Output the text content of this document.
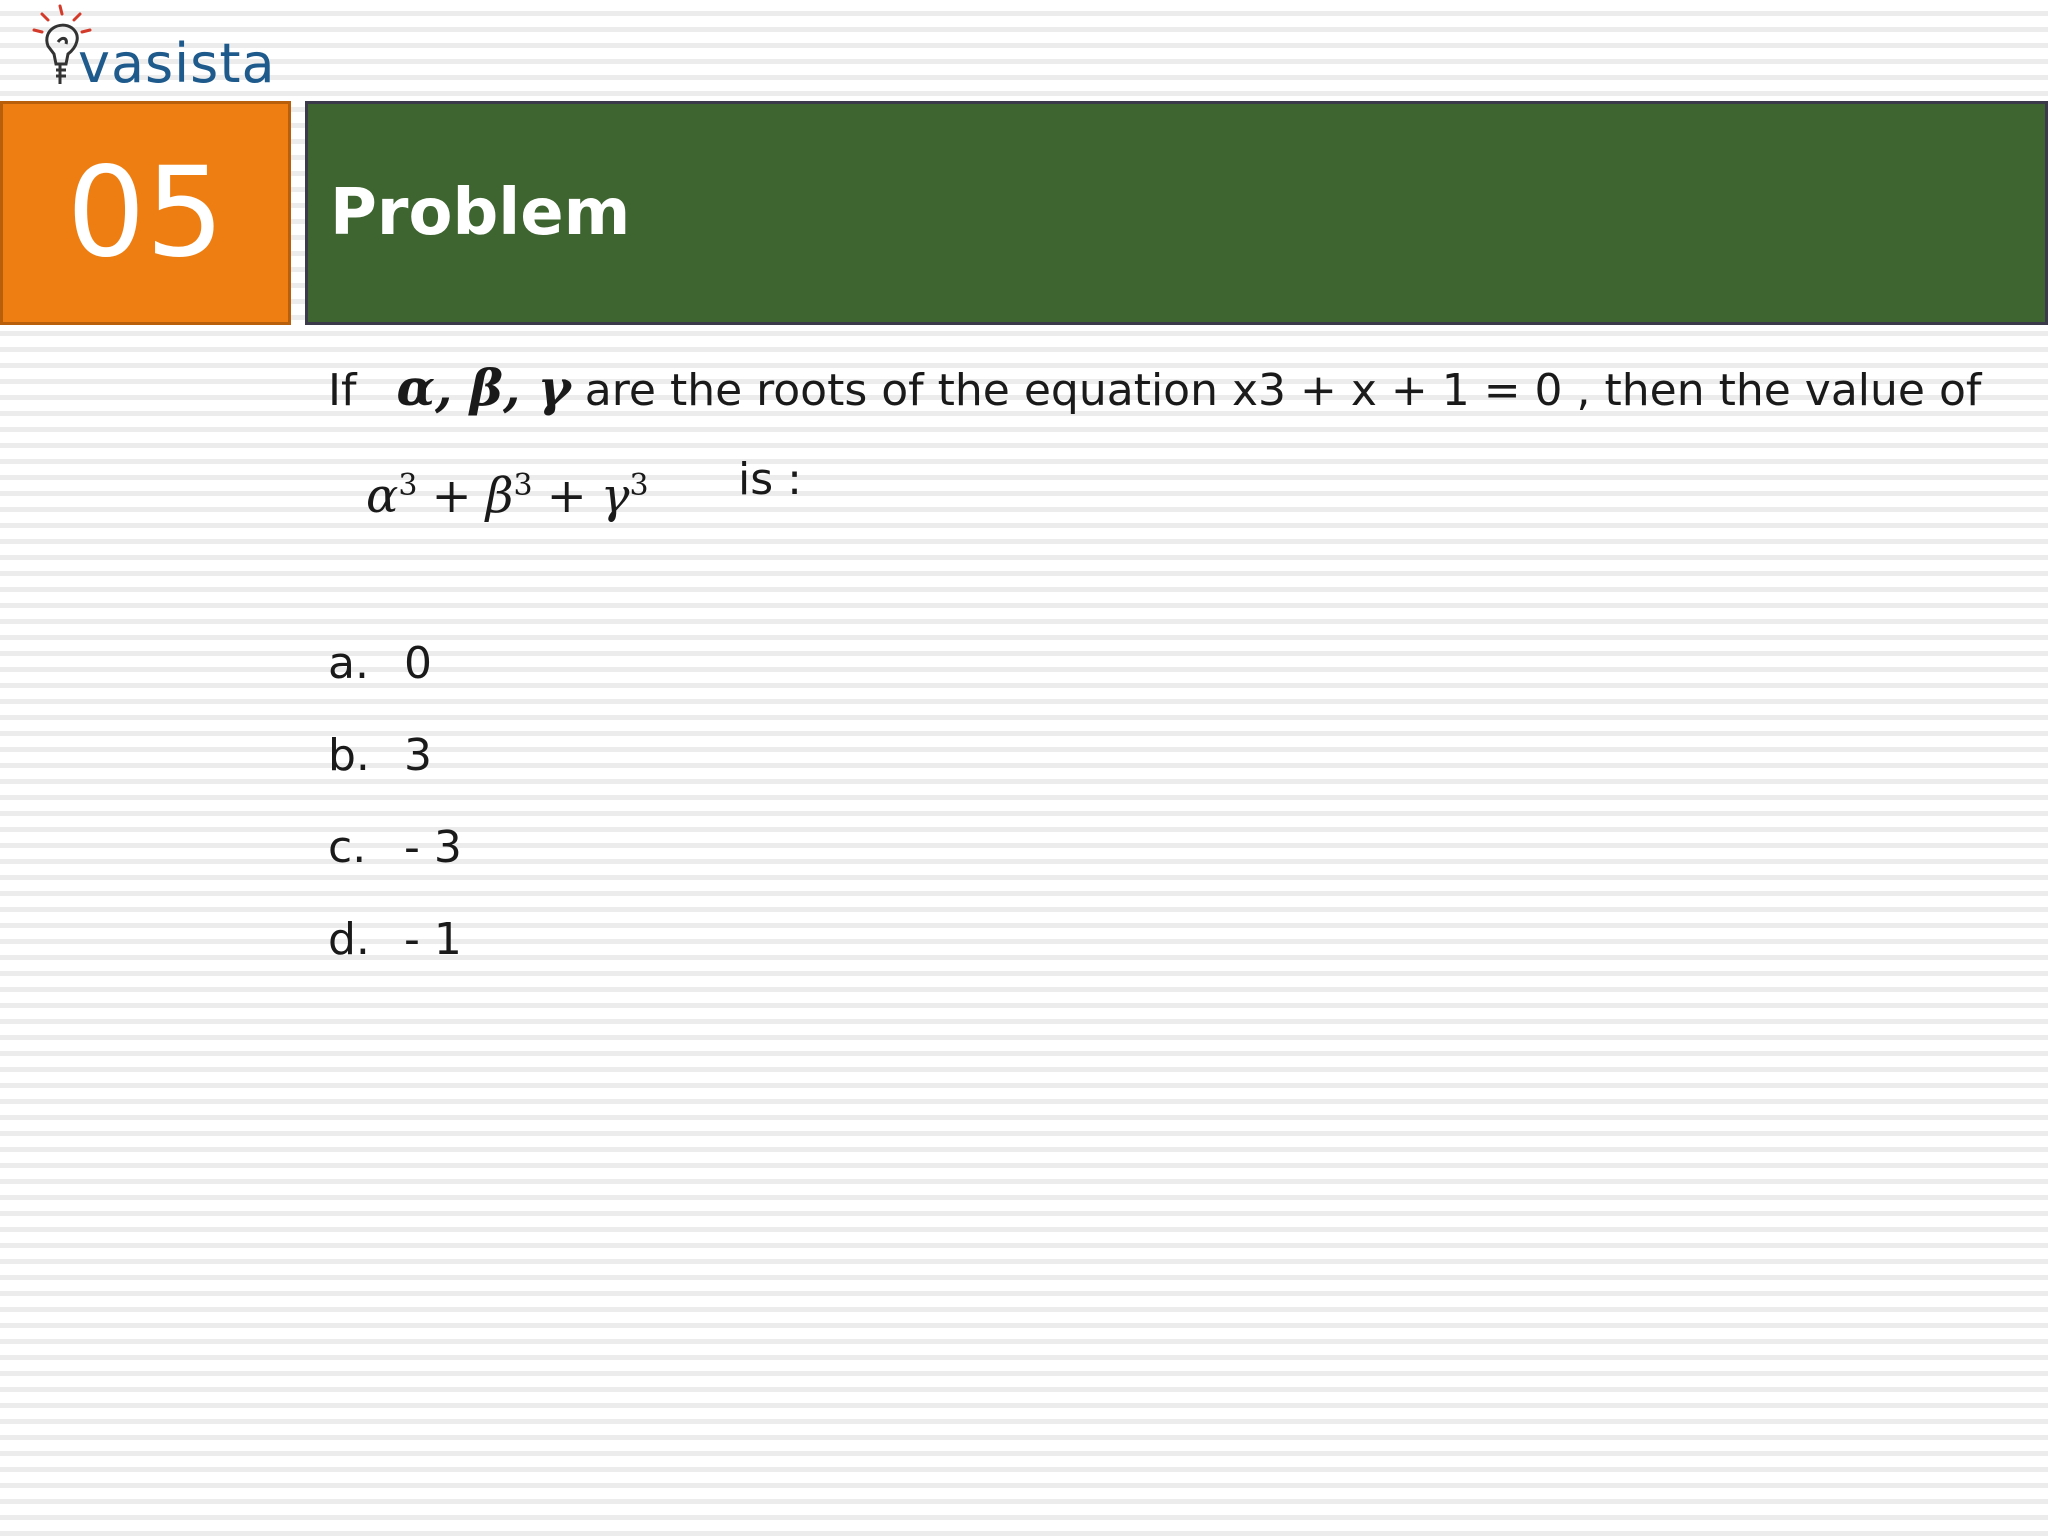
vasista
05 Problem
If α, β, γ are the roots of the equation x3 + x + 1 = 0 , then the value of
$\alpha^3 + \beta^3 + \gamma^3$ is :
a. 0
b. 3
c. - 3
d. - 1
